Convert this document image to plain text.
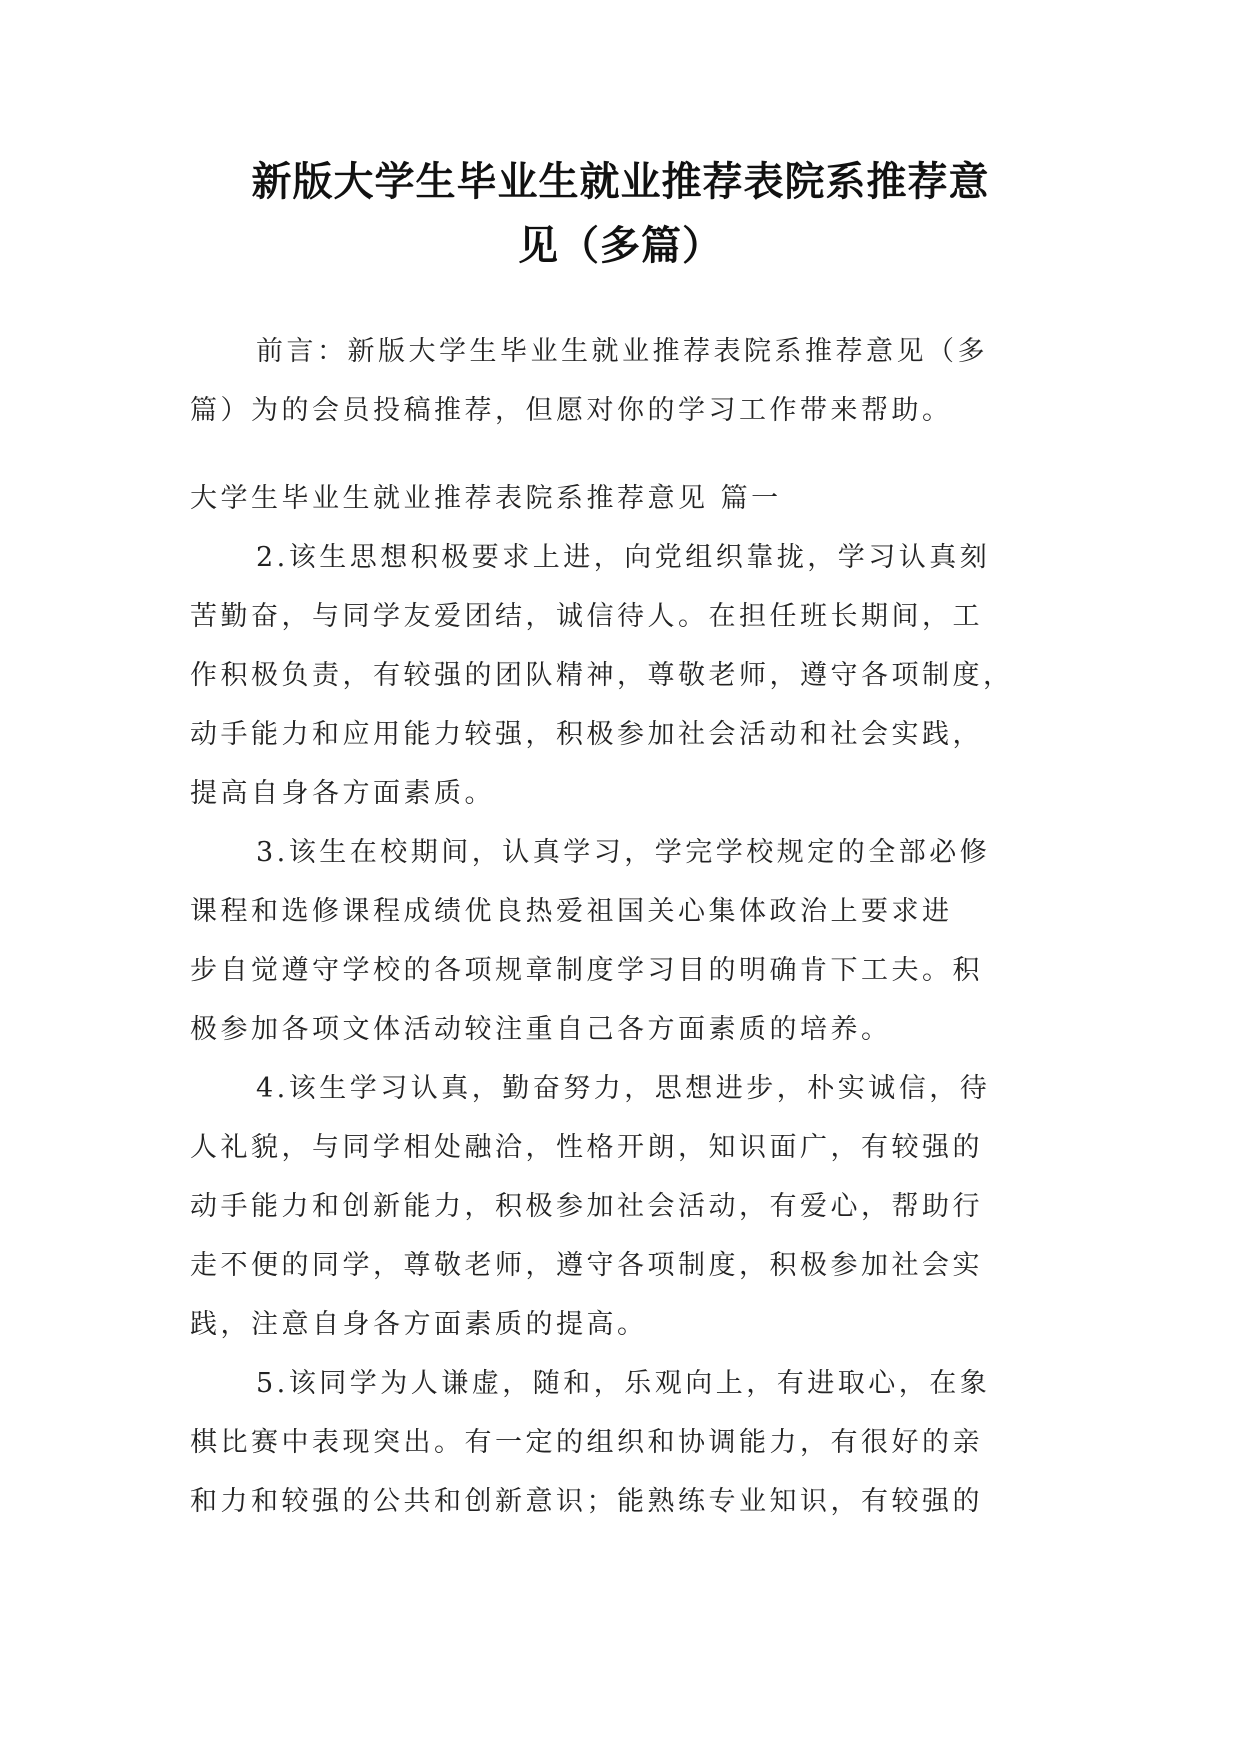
新版大学生毕业生就业推荐表院系推荐意
见（多篇）
前言：新版大学生毕业生就业推荐表院系推荐意见（多
篇）为的会员投稿推荐，但愿对你的学习工作带来帮助。
大学生毕业生就业推荐表院系推荐意见 篇一
2.该生思想积极要求上进，向党组织靠拢，学习认真刻
苦勤奋，与同学友爱团结，诚信待人。在担任班长期间，工
作积极负责，有较强的团队精神，尊敬老师，遵守各项制度，
动手能力和应用能力较强，积极参加社会活动和社会实践，
提高自身各方面素质。
3.该生在校期间，认真学习，学完学校规定的全部必修
课程和选修课程成绩优良热爱祖国关心集体政治上要求进
步自觉遵守学校的各项规章制度学习目的明确肯下工夫。积
极参加各项文体活动较注重自己各方面素质的培养。
4.该生学习认真，勤奋努力，思想进步，朴实诚信，待
人礼貌，与同学相处融洽，性格开朗，知识面广，有较强的
动手能力和创新能力，积极参加社会活动，有爱心，帮助行
走不便的同学，尊敬老师，遵守各项制度，积极参加社会实
践，注意自身各方面素质的提高。
5.该同学为人谦虚，随和，乐观向上，有进取心，在象
棋比赛中表现突出。有一定的组织和协调能力，有很好的亲
和力和较强的公共和创新意识；能熟练专业知识，有较强的
